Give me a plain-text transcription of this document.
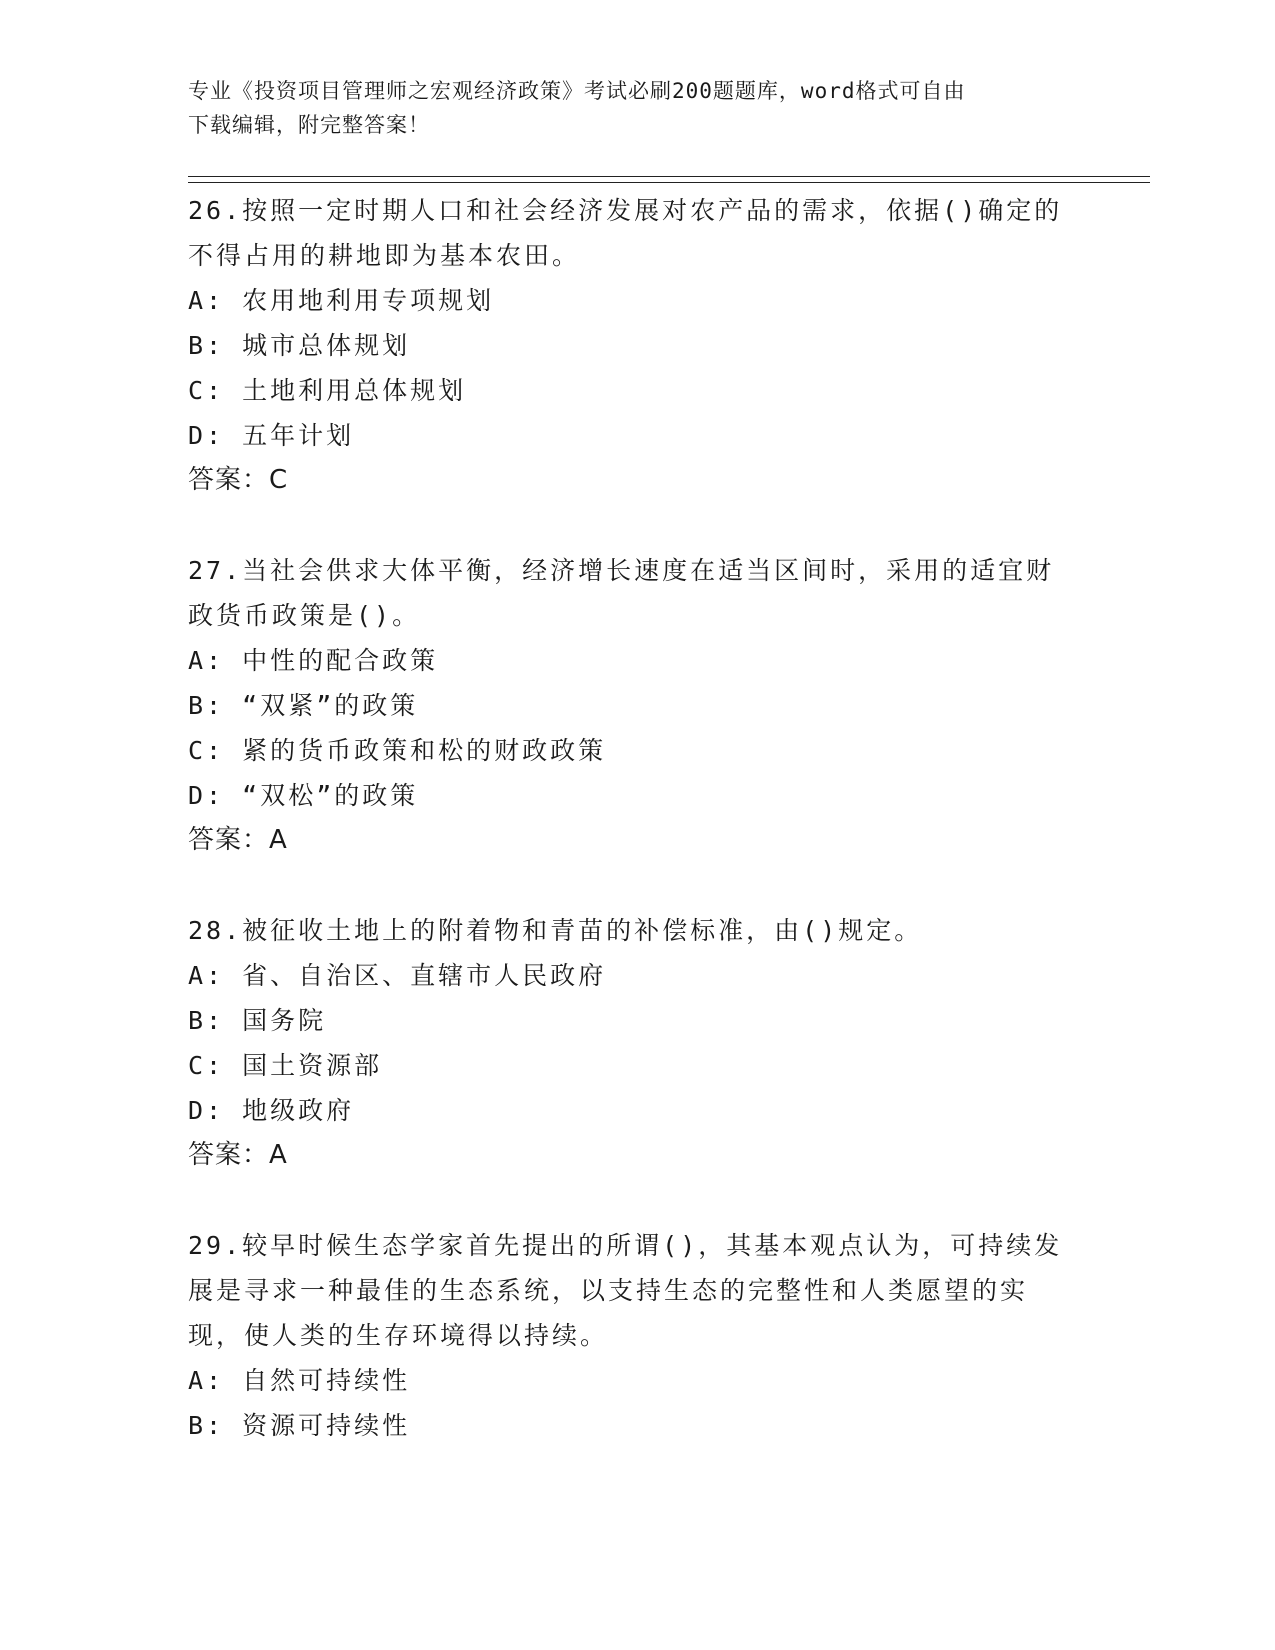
专业《投资项目管理师之宏观经济政策》考试必刷200题题库，word格式可自由
下载编辑，附完整答案！

26.按照一定时期人口和社会经济发展对农产品的需求，依据()确定的

不得占用的耕地即为基本农田。

A: 农用地利用专项规划

B: 城市总体规划

C: 土地利用总体规划

D: 五年计划

答案：C

27.当社会供求大体平衡，经济增长速度在适当区间时，采用的适宜财

政货币政策是()。

A: 中性的配合政策

B: “双紧”的政策

C: 紧的货币政策和松的财政政策

D: “双松”的政策

答案：A

28.被征收土地上的附着物和青苗的补偿标准，由()规定。

A: 省、自治区、直辖市人民政府

B: 国务院

C: 国土资源部

D: 地级政府

答案：A

29.较早时候生态学家首先提出的所谓()，其基本观点认为，可持续发

展是寻求一种最佳的生态系统，以支持生态的完整性和人类愿望的实

现，使人类的生存环境得以持续。

A: 自然可持续性

B: 资源可持续性
